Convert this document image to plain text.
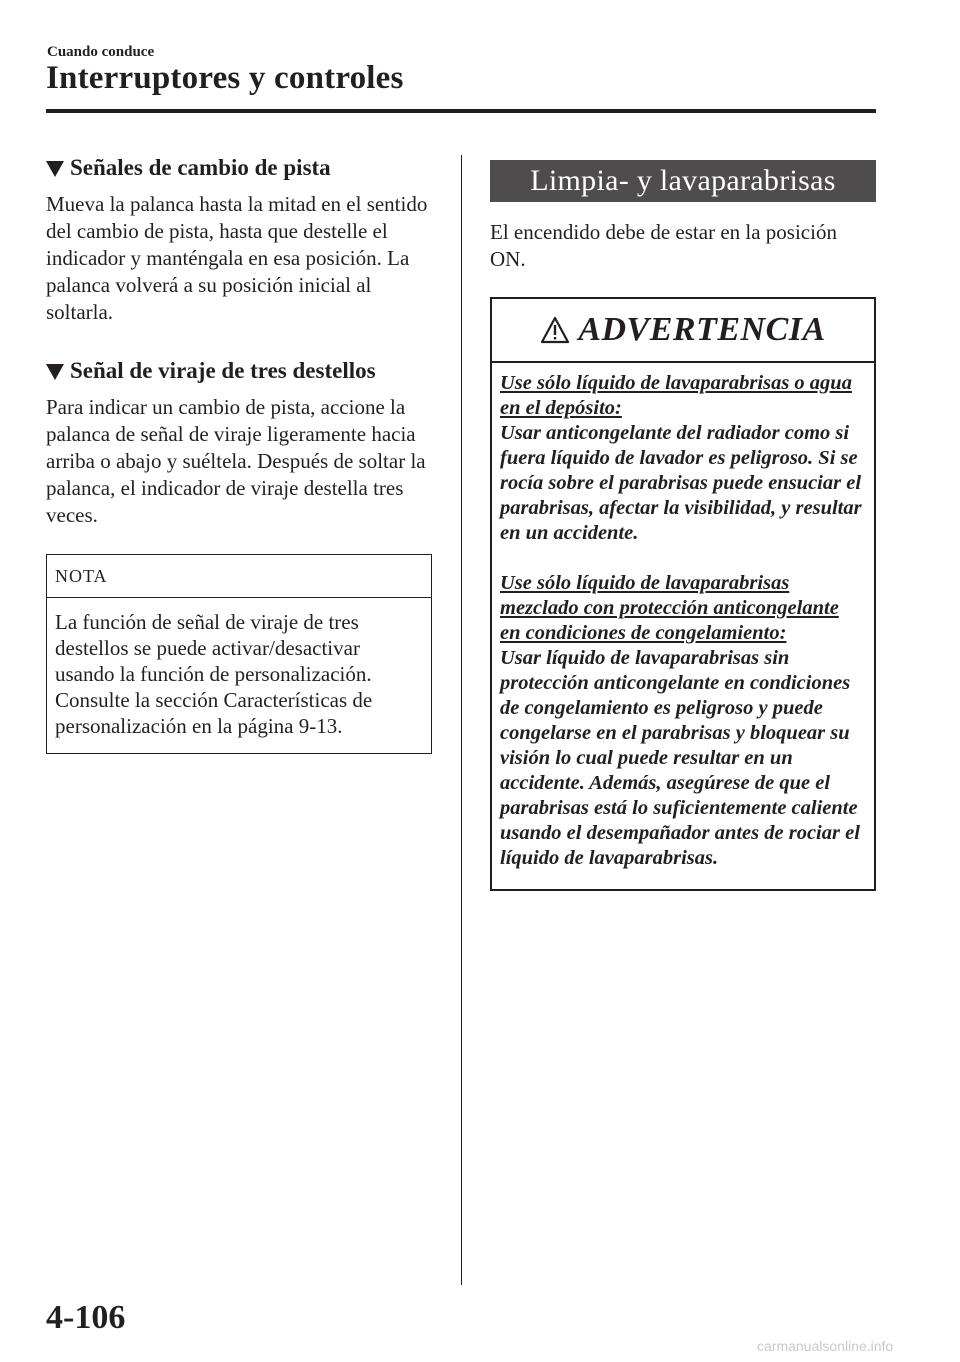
Cuando conduce
Interruptores y controles
Señales de cambio de pista

Mueva la palanca hasta la mitad en el sentido del cambio de pista, hasta que destelle el indicador y manténgala en esa posición. La palanca volverá a su posición inicial al soltarla.

Señal de viraje de tres destellos

Para indicar un cambio de pista, accione la palanca de señal de viraje ligeramente hacia arriba o abajo y suéltela. Después de soltar la palanca, el indicador de viraje destella tres veces.

NOTA
La función de señal de viraje de tres destellos se puede activar/desactivar usando la función de personalización. Consulte la sección Características de personalización en la página 9-13.
Limpia- y lavaparabrisas

El encendido debe de estar en la posición ON.

ADVERTENCIA

Use sólo líquido de lavaparabrisas o agua en el depósito:
Usar anticongelante del radiador como si fuera líquido de lavador es peligroso. Si se rocía sobre el parabrisas puede ensuciar el parabrisas, afectar la visibilidad, y resultar en un accidente.

Use sólo líquido de lavaparabrisas mezclado con protección anticongelante en condiciones de congelamiento:
Usar líquido de lavaparabrisas sin protección anticongelante en condiciones de congelamiento es peligroso y puede congelarse en el parabrisas y bloquear su visión lo cual puede resultar en un accidente. Además, asegúrese de que el parabrisas está lo suficientemente caliente usando el desempañador antes de rociar el líquido de lavaparabrisas.

4-106
carmanualsonline.info
